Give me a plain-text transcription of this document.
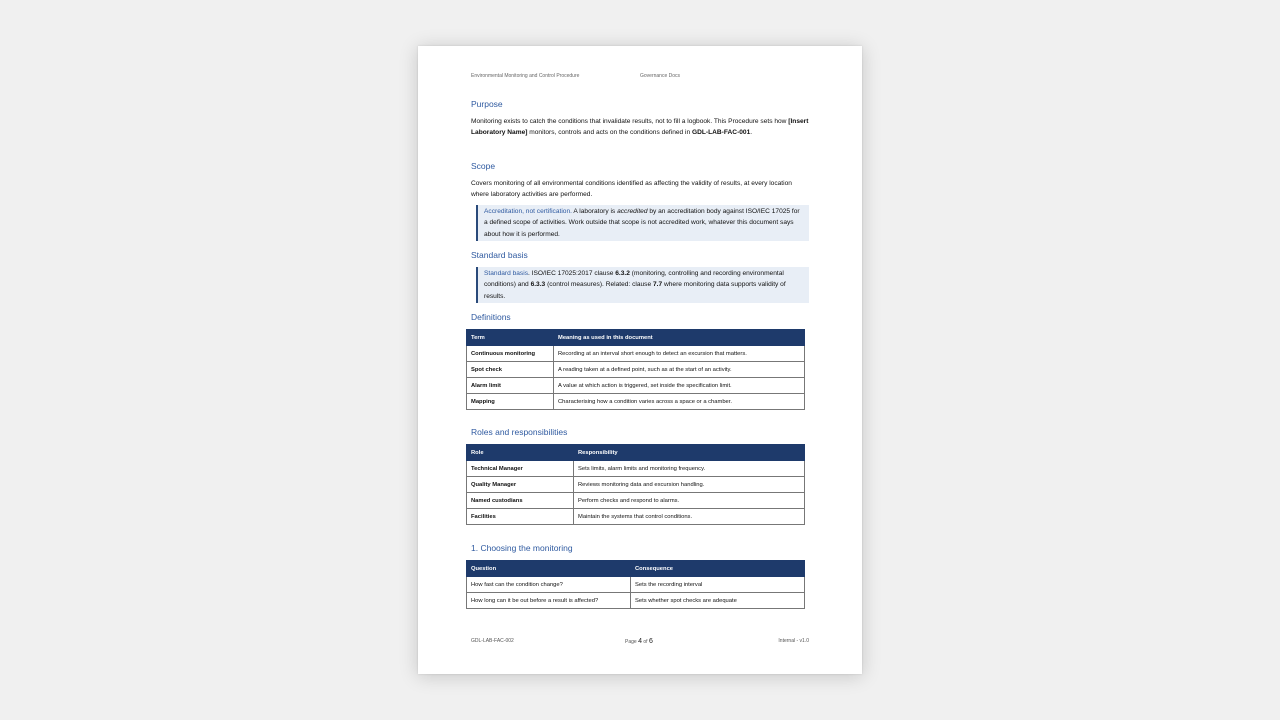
Environmental Monitoring and Control Procedure	Governance Docs
Purpose

Monitoring exists to catch the conditions that invalidate results, not to fill a logbook. This Procedure sets how [Insert Laboratory Name] monitors, controls and acts on the conditions defined in GDL-LAB-FAC-001.

Scope

Covers monitoring of all environmental conditions identified as affecting the validity of results, at every location where laboratory activities are performed.

Accreditation, not certification. A laboratory is accredited by an accreditation body against ISO/IEC 17025 for a defined scope of activities. Work outside that scope is not accredited work, whatever this document says about how it is performed.
Standard basis
Standard basis. ISO/IEC 17025:2017 clause 6.3.2 (monitoring, controlling and recording environmental conditions) and 6.3.3 (control measures). Related: clause 7.7 where monitoring data supports validity of results.
Definitions
Term	Meaning as used in this document
Continuous monitoring	Recording at an interval short enough to detect an excursion that matters.
Spot check	A reading taken at a defined point, such as at the start of an activity.
Alarm limit	A value at which action is triggered, set inside the specification limit.
Mapping	Characterising how a condition varies across a space or a chamber.
Roles and responsibilities
Role	Responsibility
Technical Manager	Sets limits, alarm limits and monitoring frequency.
Quality Manager	Reviews monitoring data and excursion handling.
Named custodians	Perform checks and respond to alarms.
Facilities	Maintain the systems that control conditions.
1. Choosing the monitoring
Question	Consequence
How fast can the condition change?	Sets the recording interval
How long can it be out before a result is affected?	Sets whether spot checks are adequate
GDL-LAB-FAC-002	Page 4 of 6	Internal - v1.0
